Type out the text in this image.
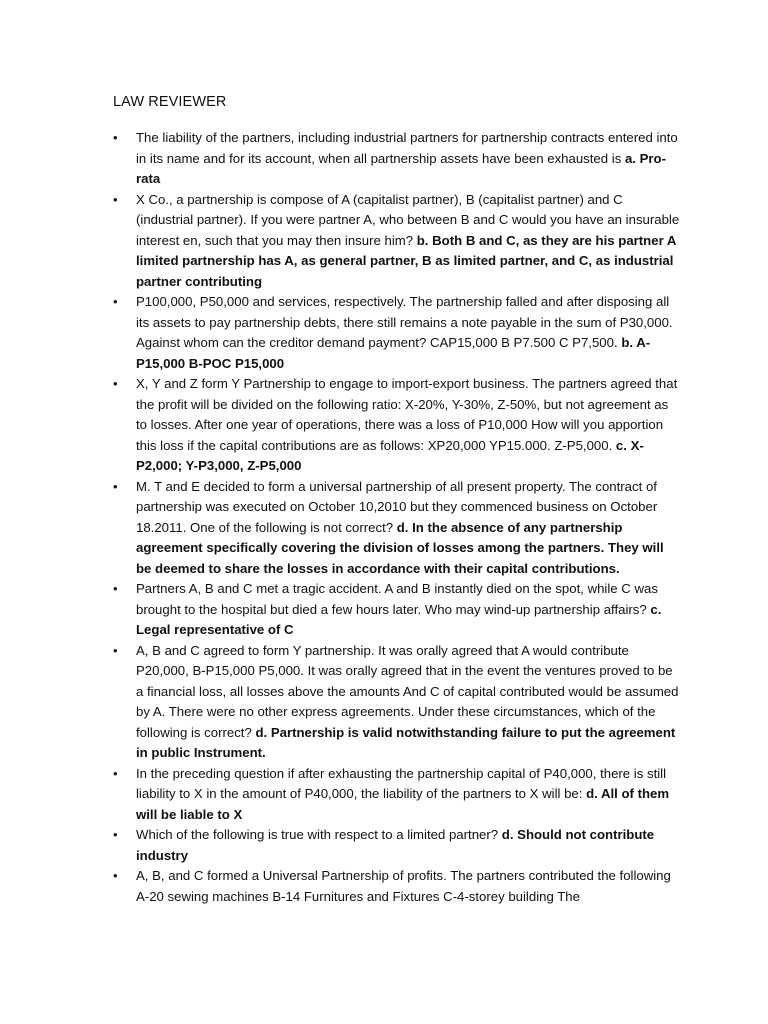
LAW REVIEWER
• The liability of the partners, including industrial partners for partnership contracts entered into in its name and for its account, when all partnership assets have been exhausted is a. Pro-rata
• X Co., a partnership is compose of A (capitalist partner), B (capitalist partner) and C (industrial partner). If you were partner A, who between B and C would you have an insurable interest en, such that you may then insure him? b. Both B and C, as they are his partner A limited partnership has A, as general partner, B as limited partner, and C, as industrial partner contributing
• P100,000, P50,000 and services, respectively. The partnership falled and after disposing all its assets to pay partnership debts, there still remains a note payable in the sum of P30,000. Against whom can the creditor demand payment? CAP15,000 B P7.500 C P7,500. b. A-P15,000 B-POC P15,000
• X, Y and Z form Y Partnership to engage to import-export business. The partners agreed that the profit will be divided on the following ratio: X-20%, Y-30%, Z-50%, but not agreement as to losses. After one year of operations, there was a loss of P10,000 How will you apportion this loss if the capital contributions are as follows: XP20,000 YP15.000. Z-P5,000. c. X-P2,000; Y-P3,000, Z-P5,000
• M. T and E decided to form a universal partnership of all present property. The contract of partnership was executed on October 10,2010 but they commenced business on October 18.2011. One of the following is not correct? d. In the absence of any partnership agreement specifically covering the division of losses among the partners. They will be deemed to share the losses in accordance with their capital contributions.
• Partners A, B and C met a tragic accident. A and B instantly died on the spot, while C was brought to the hospital but died a few hours later. Who may wind-up partnership affairs? c. Legal representative of C
• A, B and C agreed to form Y partnership. It was orally agreed that A would contribute P20,000, B-P15,000 P5,000. It was orally agreed that in the event the ventures proved to be a financial loss, all losses above the amounts And C of capital contributed would be assumed by A. There were no other express agreements. Under these circumstances, which of the following is correct? d. Partnership is valid notwithstanding failure to put the agreement in public Instrument.
• In the preceding question if after exhausting the partnership capital of P40,000, there is still liability to X in the amount of P40,000, the liability of the partners to X will be: d. All of them will be liable to X
• Which of the following is true with respect to a limited partner? d. Should not contribute industry
• A, B, and C formed a Universal Partnership of profits. The partners contributed the following A-20 sewing machines B-14 Furnitures and Fixtures C-4-storey building The
